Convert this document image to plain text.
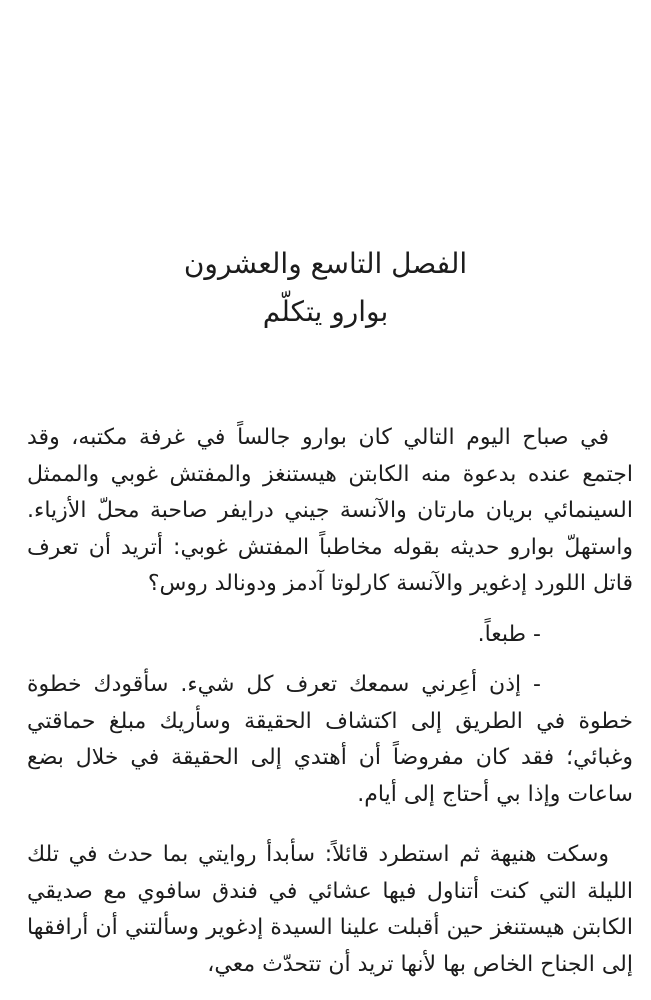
الفصل التاسع والعشرون
بوارو يتكلّم

في صباح اليوم التالي كان بوارو جالساً في غرفة مكتبه، وقد اجتمع عنده بدعوة منه الكابتن هيستنغز والمفتش غوبي والممثل السينمائي بريان مارتان والآنسة جيني درايفر صاحبة محلّ الأزياء. واستهلّ بوارو حديثه بقوله مخاطباً المفتش غوبي: أتريد أن تعرف قاتل اللورد إدغوير والآنسة كارلوتا آدمز ودونالد روس؟

- طبعاً.

- إذن أعِرني سمعك تعرف كل شيء. سأقودك خطوة خطوة في الطريق إلى اكتشاف الحقيقة وسأريك مبلغ حماقتي وغبائي؛ فقد كان مفروضاً أن أهتدي إلى الحقيقة في خلال بضع ساعات وإذا بي أحتاج إلى أيام.

وسكت هنيهة ثم استطرد قائلاً: سأبدأ روايتي بما حدث في تلك الليلة التي كنت أتناول فيها عشائي في فندق سافوي مع صديقي الكابتن هيستنغز حين أقبلت علينا السيدة إدغوير وسألتني أن أرافقها إلى الجناح الخاص بها لأنها تريد أن تتحدّث معي،
